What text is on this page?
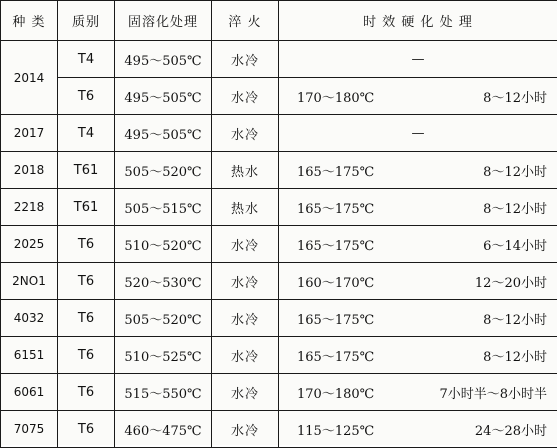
种 类	质别	固溶化处理	淬 火	时 效 硬 化 处 理
2014	T4	495～505℃	水冷	—

	T6	495～505℃	水冷	170～180℃ 8～12小时

2017	T4	495～505℃	水冷	—

2018	T61	505～520℃	热水	165～175℃ 8～12小时

2218	T61	505～515℃	热水	165～175℃ 8～12小时

2025	T6	510～520℃	水冷	165～175℃ 6～14小时

2NO1	T6	520～530℃	水冷	160～170℃ 12～20小时

4032	T6	505～520℃	水冷	165～175℃ 8～12小时

6151	T6	510～525℃	水冷	165～175℃ 8～12小时

6061	T6	515～550℃	水冷	170～180℃ 7小时半～8小时半

7075	T6	460～475℃	水冷	115～125℃ 24～28小时
